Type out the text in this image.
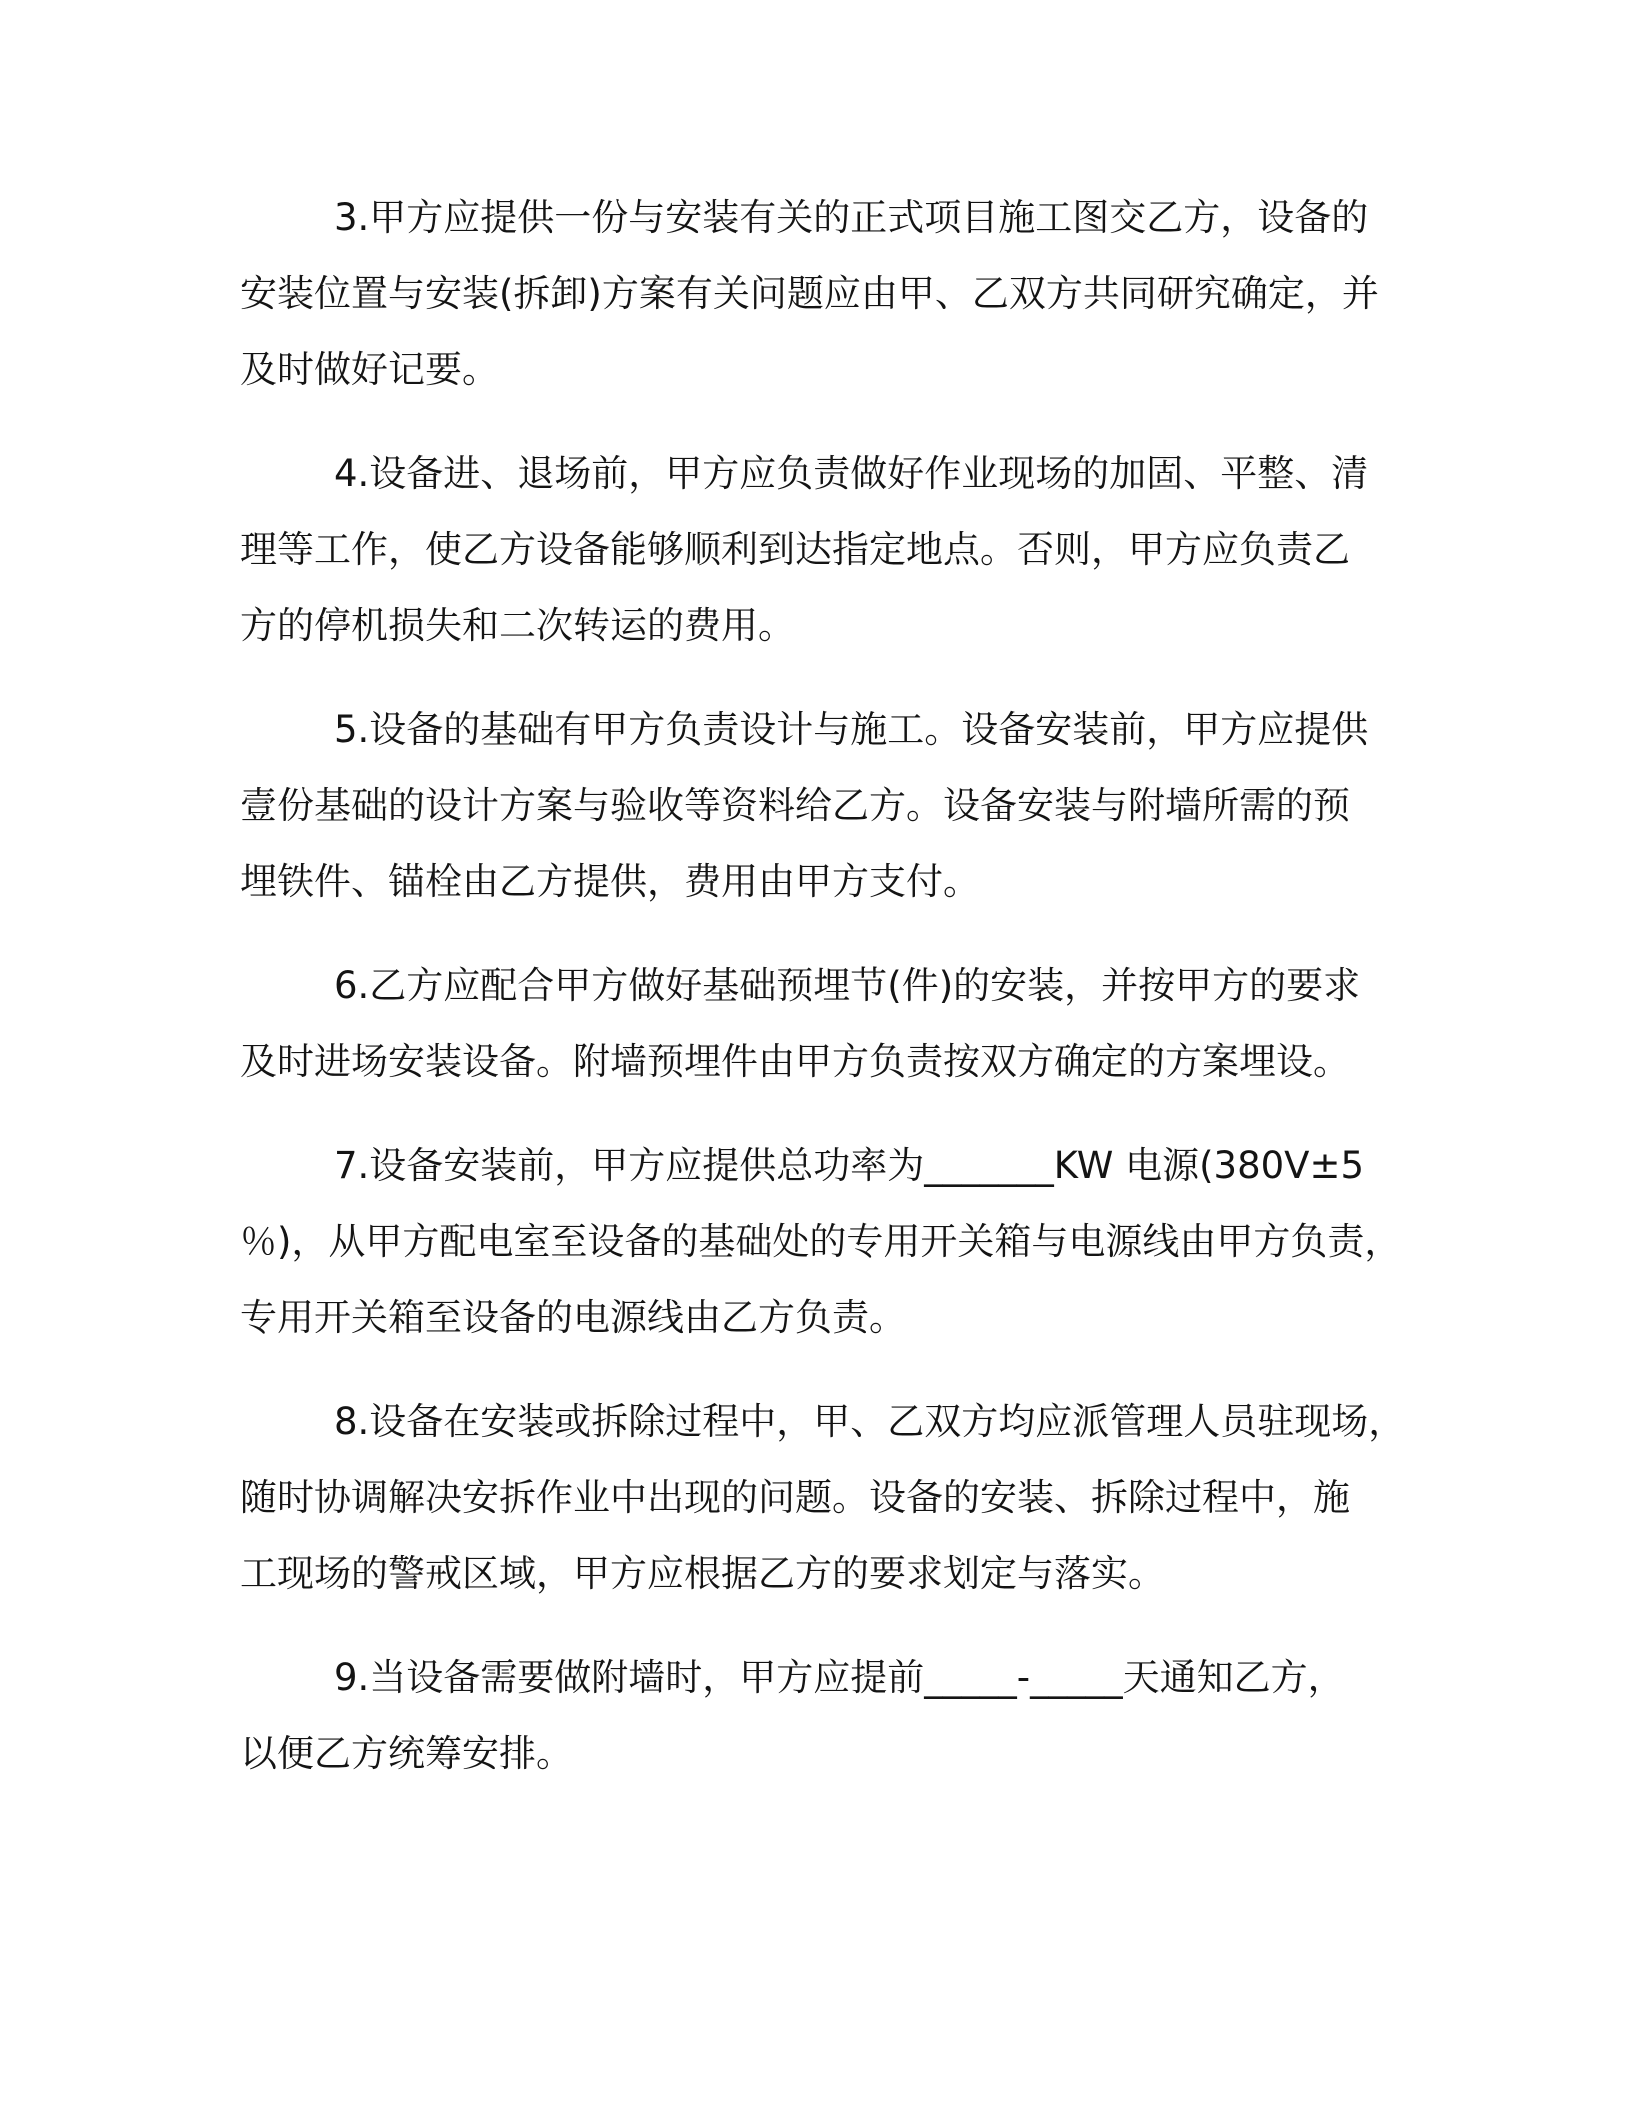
3.甲方应提供一份与安装有关的正式项目施工图交乙方，设备的
安装位置与安装(拆卸)方案有关问题应由甲、乙双方共同研究确定，并
及时做好记要。

4.设备进、退场前，甲方应负责做好作业现场的加固、平整、清
理等工作，使乙方设备能够顺利到达指定地点。否则，甲方应负责乙
方的停机损失和二次转运的费用。

5.设备的基础有甲方负责设计与施工。设备安装前，甲方应提供
壹份基础的设计方案与验收等资料给乙方。设备安装与附墙所需的预
埋铁件、锚栓由乙方提供，费用由甲方支付。

6.乙方应配合甲方做好基础预埋节(件)的安装，并按甲方的要求
及时进场安装设备。附墙预埋件由甲方负责按双方确定的方案埋设。

7.设备安装前，甲方应提供总功率为_______KW 电源(380V±5
％)，从甲方配电室至设备的基础处的专用开关箱与电源线由甲方负责，
专用开关箱至设备的电源线由乙方负责。

8.设备在安装或拆除过程中，甲、乙双方均应派管理人员驻现场，
随时协调解决安拆作业中出现的问题。设备的安装、拆除过程中，施
工现场的警戒区域，甲方应根据乙方的要求划定与落实。

9.当设备需要做附墙时，甲方应提前_____-_____天通知乙方，
以便乙方统筹安排。
